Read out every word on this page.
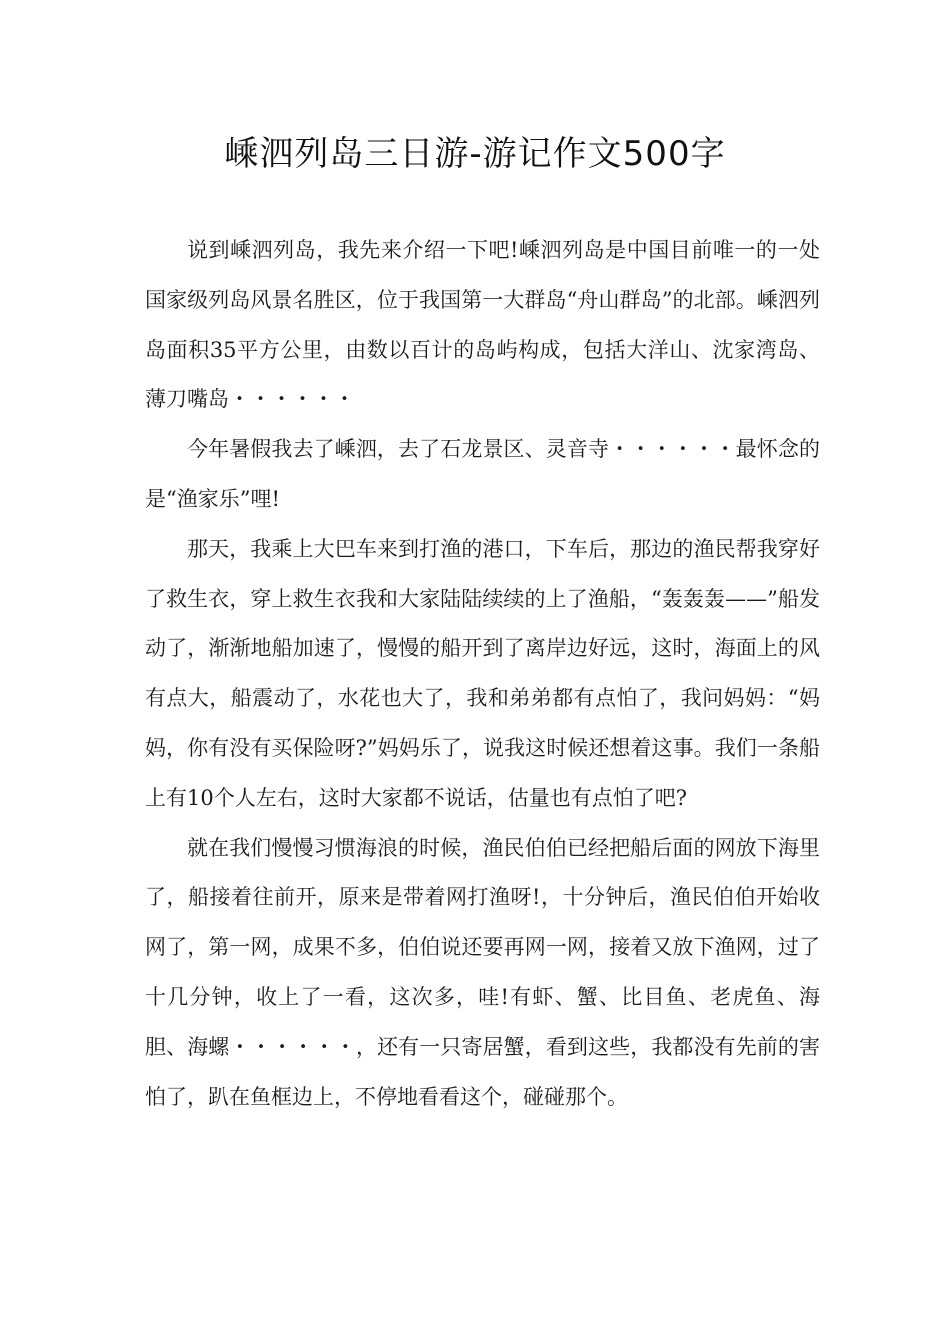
嵊泗列岛三日游-游记作文500字

说到嵊泗列岛，我先来介绍一下吧!嵊泗列岛是中国目前唯一的一处国家级列岛风景名胜区，位于我国第一大群岛“舟山群岛”的北部。嵊泗列岛面积35平方公里，由数以百计的岛屿构成，包括大洋山、沈家湾岛、薄刀嘴岛・・・・・・

今年暑假我去了嵊泗，去了石龙景区、灵音寺・・・・・・最怀念的是“渔家乐”哩!

那天，我乘上大巴车来到打渔的港口，下车后，那边的渔民帮我穿好了救生衣，穿上救生衣我和大家陆陆续续的上了渔船，“轰轰轰——”船发动了，渐渐地船加速了，慢慢的船开到了离岸边好远，这时，海面上的风有点大，船震动了，水花也大了，我和弟弟都有点怕了，我问妈妈：“妈妈，你有没有买保险呀?”妈妈乐了，说我这时候还想着这事。我们一条船上有10个人左右，这时大家都不说话，估量也有点怕了吧?

就在我们慢慢习惯海浪的时候，渔民伯伯已经把船后面的网放下海里了，船接着往前开，原来是带着网打渔呀!，十分钟后，渔民伯伯开始收网了，第一网，成果不多，伯伯说还要再网一网，接着又放下渔网，过了十几分钟，收上了一看，这次多，哇!有虾、蟹、比目鱼、老虎鱼、海胆、海螺・・・・・・，还有一只寄居蟹，看到这些，我都没有先前的害怕了，趴在鱼框边上，不停地看看这个，碰碰那个。
